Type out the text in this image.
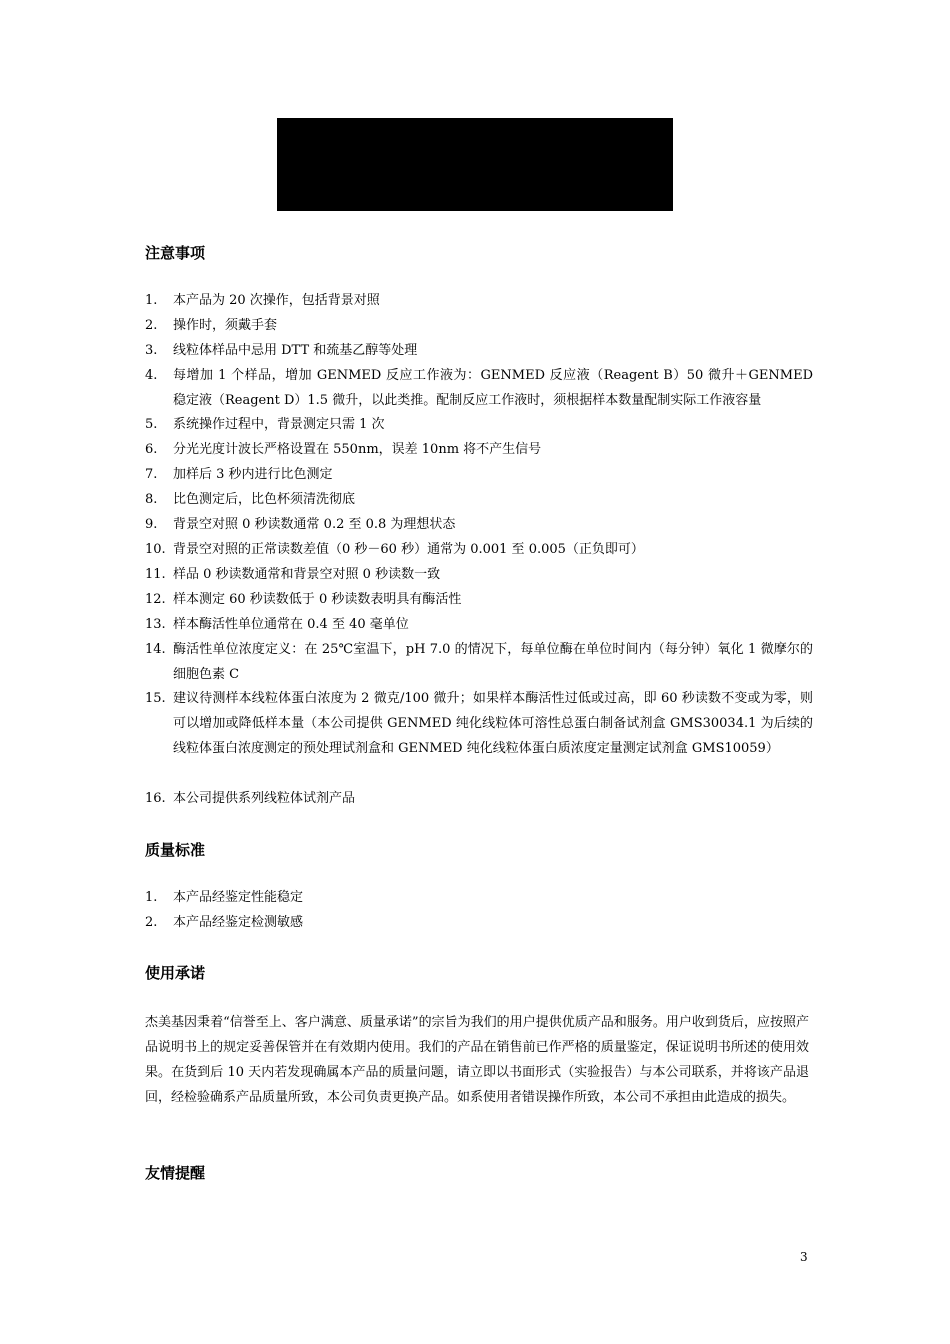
注意事项
1. 本产品为 20 次操作，包括背景对照
2. 操作时，须戴手套
3. 线粒体样品中忌用 DTT 和巯基乙醇等处理
4. 每增加 1 个样品，增加 GENMED 反应工作液为：GENMED 反应液（Reagent B）50 微升＋GENMED 稳定液（Reagent D）1.5 微升，以此类推。配制反应工作液时，须根据样本数量配制实际工作液容量
5. 系统操作过程中，背景测定只需 1 次
6. 分光光度计波长严格设置在 550nm，误差 10nm 将不产生信号
7. 加样后 3 秒内进行比色测定
8. 比色测定后，比色杯须清洗彻底
9. 背景空对照 0 秒读数通常 0.2 至 0.8 为理想状态
10. 背景空对照的正常读数差值（0 秒－60 秒）通常为 0.001 至 0.005（正负即可）
11. 样品 0 秒读数通常和背景空对照 0 秒读数一致
12. 样本测定 60 秒读数低于 0 秒读数表明具有酶活性
13. 样本酶活性单位通常在 0.4 至 40 毫单位
14. 酶活性单位浓度定义：在 25℃室温下，pH 7.0 的情况下，每单位酶在单位时间内（每分钟）氧化 1 微摩尔的细胞色素 C
15. 建议待测样本线粒体蛋白浓度为 2 微克/100 微升；如果样本酶活性过低或过高，即 60 秒读数不变或为零，则可以增加或降低样本量（本公司提供 GENMED 纯化线粒体可溶性总蛋白制备试剂盒 GMS30034.1 为后续的线粒体蛋白浓度测定的预处理试剂盒和 GENMED 纯化线粒体蛋白质浓度定量测定试剂盒 GMS10059）
16. 本公司提供系列线粒体试剂产品
质量标准
1. 本产品经鉴定性能稳定
2. 本产品经鉴定检测敏感
使用承诺
杰美基因秉着“信誉至上、客户满意、质量承诺”的宗旨为我们的用户提供优质产品和服务。用户收到货后，应按照产品说明书上的规定妥善保管并在有效期内使用。我们的产品在销售前已作严格的质量鉴定，保证说明书所述的使用效果。在货到后 10 天内若发现确属本产品的质量问题，请立即以书面形式（实验报告）与本公司联系，并将该产品退回，经检验确系产品质量所致，本公司负责更换产品。如系使用者错误操作所致，本公司不承担由此造成的损失。
友情提醒
3
